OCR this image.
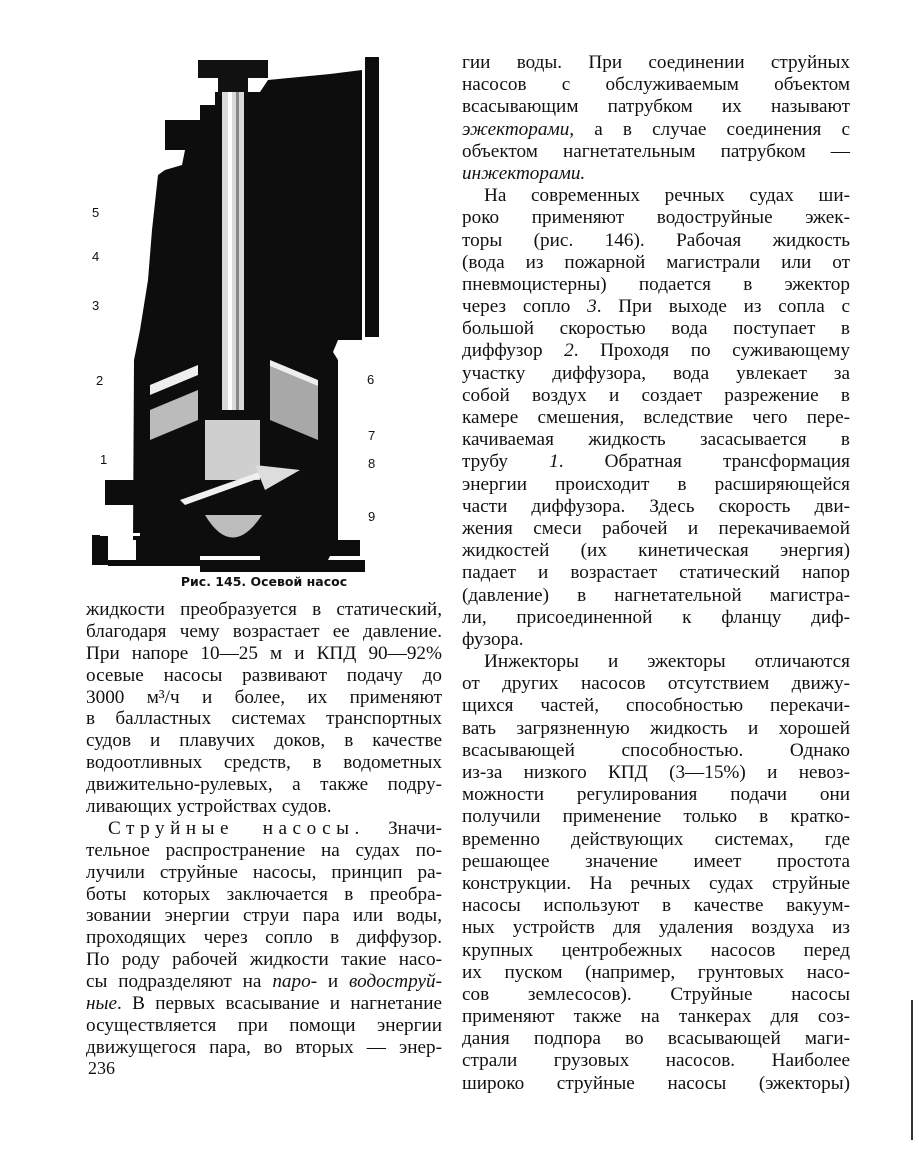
5
4
3
2
1
6
7
8
9
Рис. 145. Осевой насос
жидкости преобразуется в статический,
благодаря чему возрастает ее давление.
При напоре 10—25 м и КПД 90—92%
осевые насосы развивают подачу до
3000 м³/ч и более, их применяют
в балластных системах транспортных
судов и плавучих доков, в качестве
водоотливных средств, в водометных
движительно-рулевых, а также подру-
ливающих устройствах судов.
Струйные насосы. Значи-
тельное распространение на судах по-
лучили струйные насосы, принцип ра-
боты которых заключается в преобра-
зовании энергии струи пара или воды,
проходящих через сопло в диффузор.
По роду рабочей жидкости такие насо-
сы подразделяют на паро- и водоструй-
ные. В первых всасывание и нагнетание
осуществляется при помощи энергии
движущегося пара, во вторых — энер-
гии воды. При соединении струйных
насосов с обслуживаемым объектом
всасывающим патрубком их называют
эжекторами, а в случае соединения с
объектом нагнетательным патрубком —
инжекторами.
На современных речных судах ши-
роко применяют водоструйные эжек-
торы (рис. 146). Рабочая жидкость
(вода из пожарной магистрали или от
пневмоцистерны) подается в эжектор
через сопло 3. При выходе из сопла с
большой скоростью вода поступает в
диффузор 2. Проходя по суживающему
участку диффузора, вода увлекает за
собой воздух и создает разрежение в
камере смешения, вследствие чего пере-
качиваемая жидкость засасывается в
трубу 1. Обратная трансформация
энергии происходит в расширяющейся
части диффузора. Здесь скорость дви-
жения смеси рабочей и перекачиваемой
жидкостей (их кинетическая энергия)
падает и возрастает статический напор
(давление) в нагнетательной магистра-
ли, присоединенной к фланцу диф-
фузора.
Инжекторы и эжекторы отличаются
от других насосов отсутствием движу-
щихся частей, способностью перекачи-
вать загрязненную жидкость и хорошей
всасывающей способностью. Однако
из-за низкого КПД (3—15%) и невоз-
можности регулирования подачи они
получили применение только в кратко-
временно действующих системах, где
решающее значение имеет простота
конструкции. На речных судах струйные
насосы используют в качестве вакуум-
ных устройств для удаления воздуха из
крупных центробежных насосов перед
их пуском (например, грунтовых насо-
сов землесосов). Струйные насосы
применяют также на танкерах для соз-
дания подпора во всасывающей маги-
страли грузовых насосов. Наиболее
широко струйные насосы (эжекторы)
236
